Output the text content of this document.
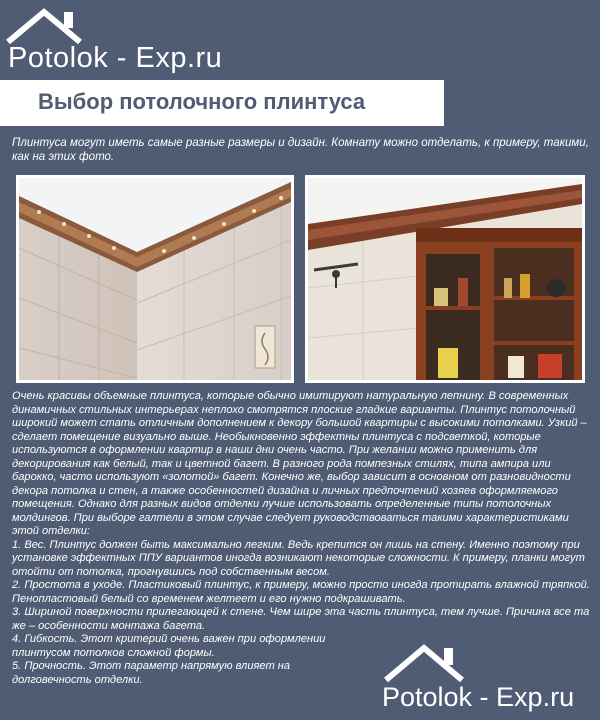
Potolok - Exp.ru
Выбор потолочного плинтуса
Плинтуса могут иметь самые разные размеры и дизайн. Комнату можно отделать, к примеру, такими, как на этих фото.

Очень красивы объемные плинтуса, которые обычно имитируют натуральную лепнину. В современных динамичных стильных интерьерах неплохо смотрятся плоские гладкие варианты. Плинтус потолочный широкий может стать отличным дополнением к декору большой квартиры с высокими потолками. Узкий – сделает помещение визуально выше. Необыкновенно эффектны плинтуса с подсветкой, которые используются в оформлении квартир в наши дни очень часто. При желании можно применить для декорирования как белый, так и цветной багет. В разного рода помпезных стилях, типа ампира или барокко, часто используют «золотой» багет. Конечно же, выбор зависит в основном от разновидности декора потолка и стен, а также особенностей дизайна и личных предпочтений хозяев оформляемого помещения. Однако для разных видов отделки лучше использовать определенные типы потолочных молдингов. При выборе галтели в этом случае следует руководствоваться такими характеристиками этой отделки:

1. Вес. Плинтус должен быть максимально легким. Ведь крепится он лишь на стену. Именно поэтому при установке эффектных ППУ вариантов иногда возникают некоторые сложности. К примеру, планки могут отойти от потолка, прогнувшись под собственным весом.

2. Простота в уходе. Пластиковый плинтус, к примеру, можно просто иногда протирать влажной тряпкой. Пенопластовый белый со временем желтеет и его нужно подкрашивать.

3. Шириной поверхности прилегающей к стене. Чем шире эта часть плинтуса, тем лучше. Причина все та же – особенности монтажа багета.

4. Гибкость. Этот критерий очень важен при оформлении плинтусом потолков сложной формы.

5. Прочность. Этот параметр напрямую влияет на долговечность отделки.

Potolok - Exp.ru
